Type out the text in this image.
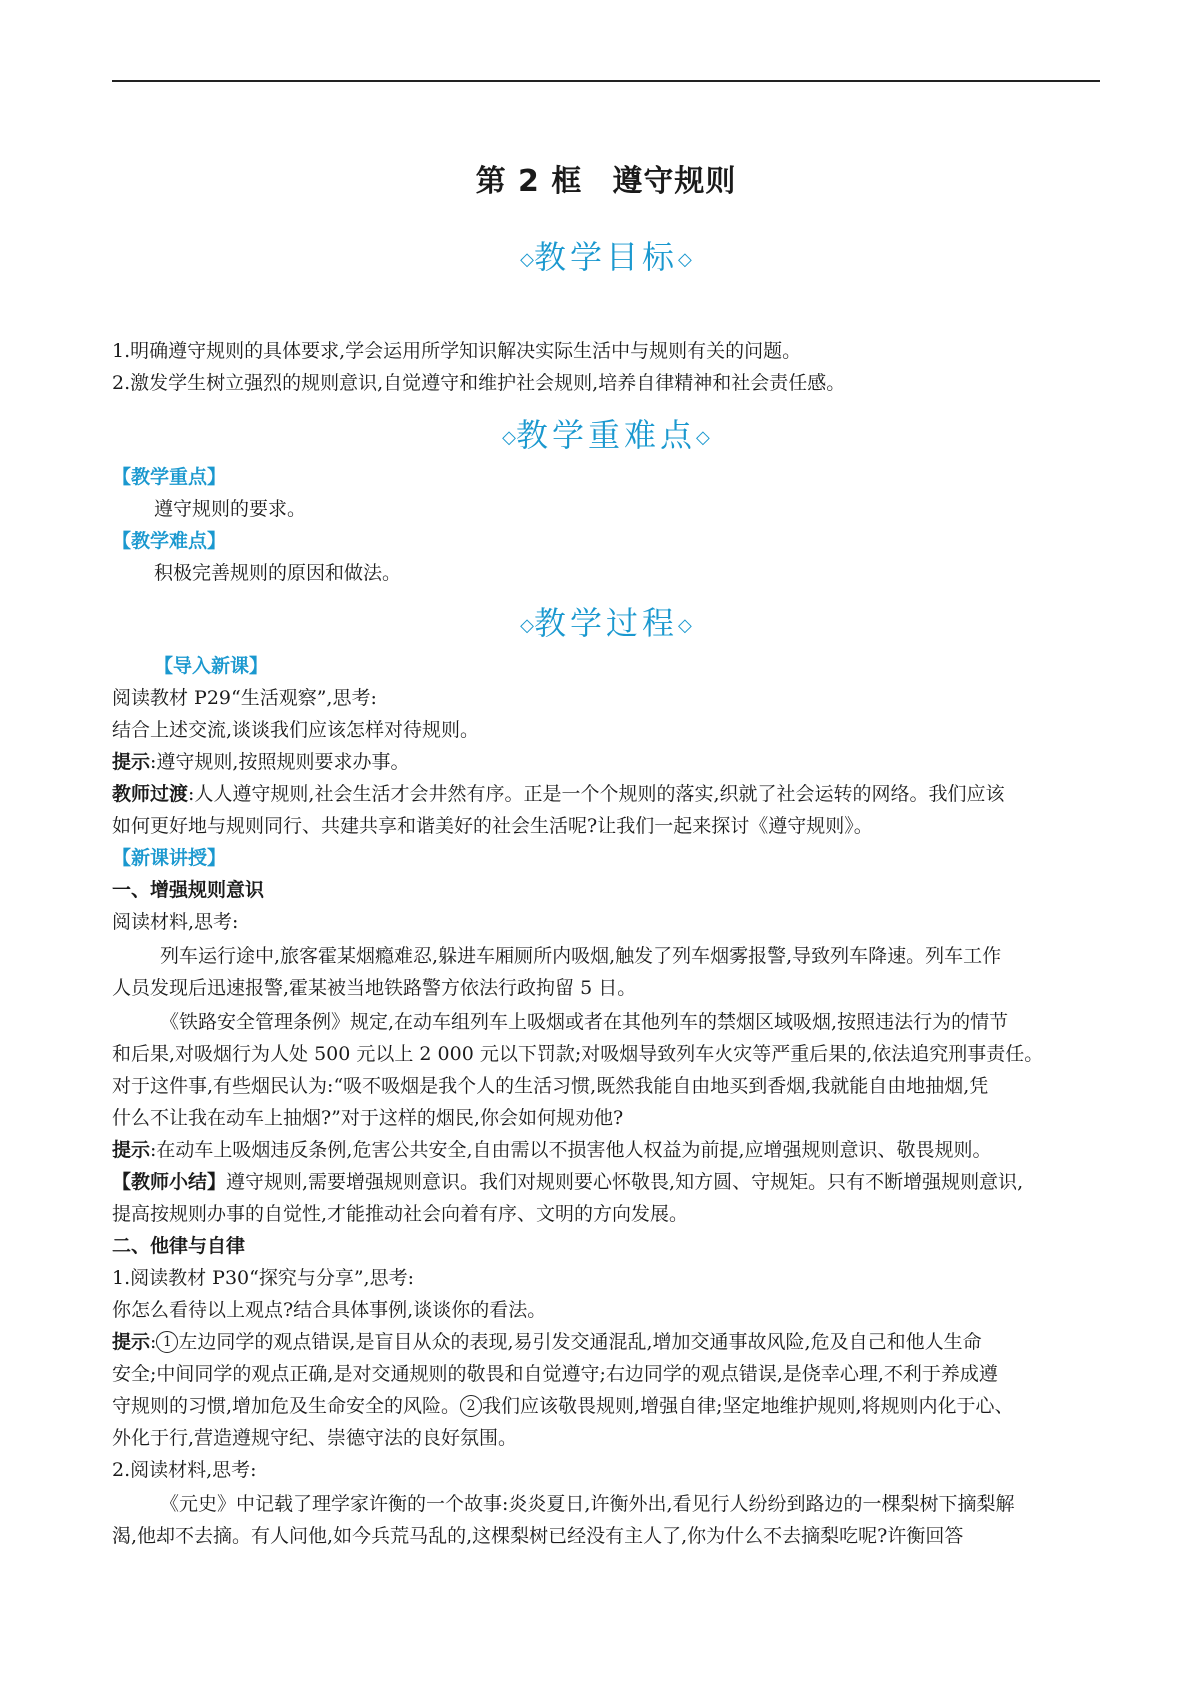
第 2 框 遵守规则
◇教学目标◇
1.明确遵守规则的具体要求,学会运用所学知识解决实际生活中与规则有关的问题。
2.激发学生树立强烈的规则意识,自觉遵守和维护社会规则,培养自律精神和社会责任感。
◇教学重难点◇
【教学重点】
遵守规则的要求。
【教学难点】
积极完善规则的原因和做法。
◇教学过程◇
【导入新课】
阅读教材 P29“生活观察”,思考:
结合上述交流,谈谈我们应该怎样对待规则。
提示:遵守规则,按照规则要求办事。
教师过渡:人人遵守规则,社会生活才会井然有序。正是一个个规则的落实,织就了社会运转的网络。我们应该
如何更好地与规则同行、共建共享和谐美好的社会生活呢?让我们一起来探讨《遵守规则》。
【新课讲授】
一、增强规则意识
阅读材料,思考:
列车运行途中,旅客霍某烟瘾难忍,躲进车厢厕所内吸烟,触发了列车烟雾报警,导致列车降速。列车工作
人员发现后迅速报警,霍某被当地铁路警方依法行政拘留 5 日。
《铁路安全管理条例》规定,在动车组列车上吸烟或者在其他列车的禁烟区域吸烟,按照违法行为的情节
和后果,对吸烟行为人处 500 元以上 2 000 元以下罚款;对吸烟导致列车火灾等严重后果的,依法追究刑事责任。
对于这件事,有些烟民认为:“吸不吸烟是我个人的生活习惯,既然我能自由地买到香烟,我就能自由地抽烟,凭
什么不让我在动车上抽烟?”对于这样的烟民,你会如何规劝他?
提示:在动车上吸烟违反条例,危害公共安全,自由需以不损害他人权益为前提,应增强规则意识、敬畏规则。
【教师小结】遵守规则,需要增强规则意识。我们对规则要心怀敬畏,知方圆、守规矩。只有不断增强规则意识,
提高按规则办事的自觉性,才能推动社会向着有序、文明的方向发展。
二、他律与自律
1.阅读教材 P30“探究与分享”,思考:
你怎么看待以上观点?结合具体事例,谈谈你的看法。
提示: 1 左边同学的观点错误,是盲目从众的表现,易引发交通混乱,增加交通事故风险,危及自己和他人生命
安全;中间同学的观点正确,是对交通规则的敬畏和自觉遵守;右边同学的观点错误,是侥幸心理,不利于养成遵
守规则的习惯,增加危及生命安全的风险。 2 我们应该敬畏规则,增强自律;坚定地维护规则,将规则内化于心、
外化于行,营造遵规守纪、崇德守法的良好氛围。
2.阅读材料,思考:
《元史》中记载了理学家许衡的一个故事:炎炎夏日,许衡外出,看见行人纷纷到路边的一棵梨树下摘梨解
渴,他却不去摘。有人问他,如今兵荒马乱的,这棵梨树已经没有主人了,你为什么不去摘梨吃呢?许衡回答
